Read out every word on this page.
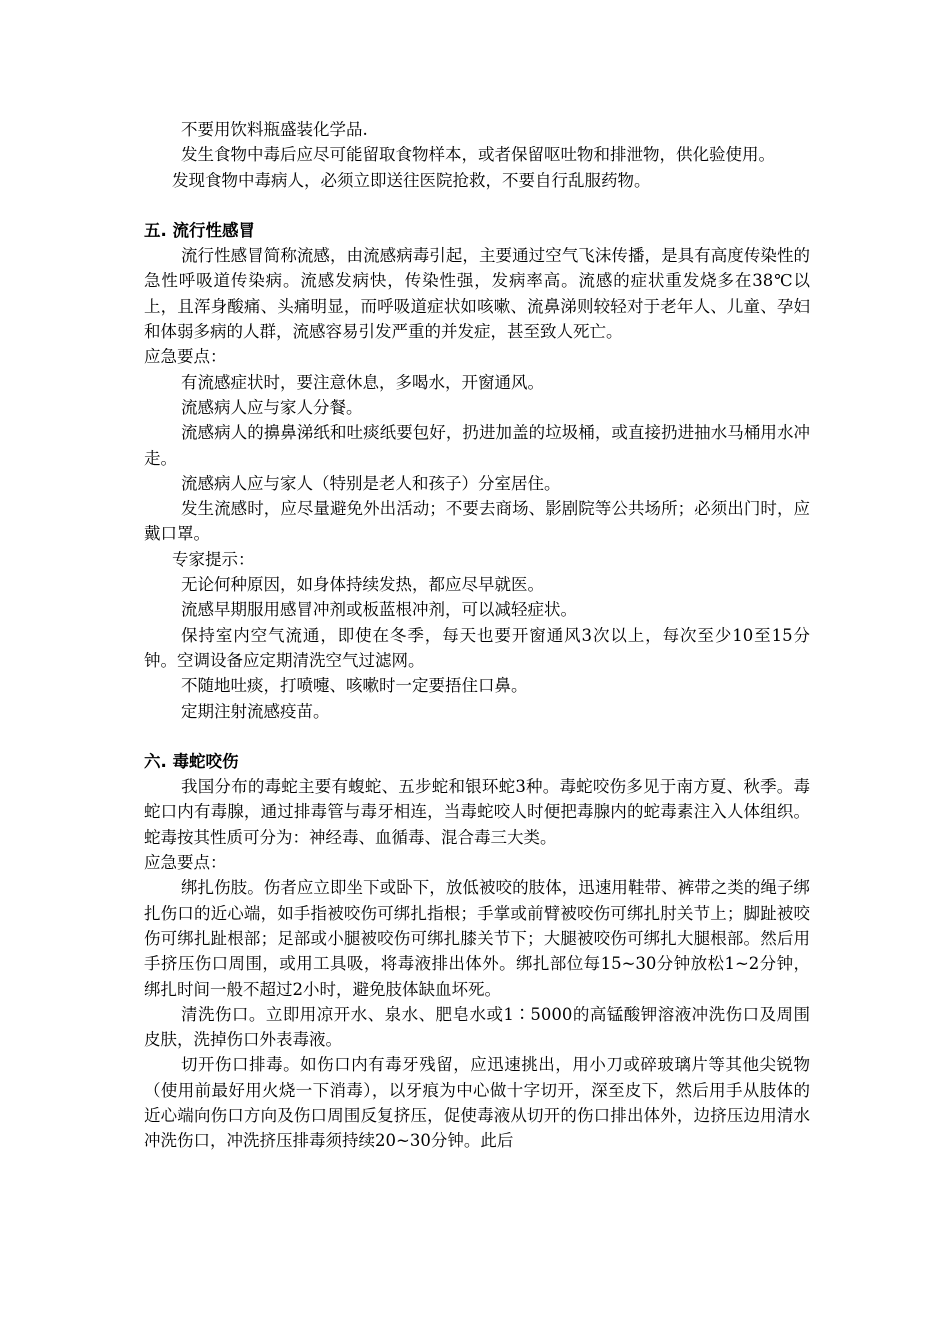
不要用饮料瓶盛装化学品.

发生食物中毒后应尽可能留取食物样本，或者保留呕吐物和排泄物，供化验使用。

发现食物中毒病人，必须立即送往医院抢救，不要自行乱服药物。

五. 流行性感冒

流行性感冒简称流感，由流感病毒引起，主要通过空气飞沫传播，是具有高度传染性的急性呼吸道传染病。流感发病快，传染性强，发病率高。流感的症状重发烧多在38℃以上，且浑身酸痛、头痛明显，而呼吸道症状如咳嗽、流鼻涕则较轻对于老年人、儿童、孕妇和体弱多病的人群，流感容易引发严重的并发症，甚至致人死亡。

应急要点：

有流感症状时，要注意休息，多喝水，开窗通风。

流感病人应与家人分餐。

流感病人的擤鼻涕纸和吐痰纸要包好，扔进加盖的垃圾桶，或直接扔进抽水马桶用水冲走。

流感病人应与家人（特别是老人和孩子）分室居住。

发生流感时，应尽量避免外出活动；不要去商场、影剧院等公共场所；必须出门时，应戴口罩。

专家提示：

无论何种原因，如身体持续发热，都应尽早就医。

流感早期服用感冒冲剂或板蓝根冲剂，可以减轻症状。

保持室内空气流通，即使在冬季，每天也要开窗通风3次以上，每次至少10至15分钟。空调设备应定期清洗空气过滤网。

不随地吐痰，打喷嚏、咳嗽时一定要捂住口鼻。

定期注射流感疫苗。

六. 毒蛇咬伤

我国分布的毒蛇主要有蝮蛇、五步蛇和银环蛇3种。毒蛇咬伤多见于南方夏、秋季。毒蛇口内有毒腺，通过排毒管与毒牙相连，当毒蛇咬人时便把毒腺内的蛇毒素注入人体组织。蛇毒按其性质可分为：神经毒、血循毒、混合毒三大类。

应急要点：

绑扎伤肢。伤者应立即坐下或卧下，放低被咬的肢体，迅速用鞋带、裤带之类的绳子绑扎伤口的近心端，如手指被咬伤可绑扎指根；手掌或前臂被咬伤可绑扎肘关节上；脚趾被咬伤可绑扎趾根部；足部或小腿被咬伤可绑扎膝关节下；大腿被咬伤可绑扎大腿根部。然后用手挤压伤口周围，或用工具吸，将毒液排出体外。绑扎部位每15~30分钟放松1~2分钟，绑扎时间一般不超过2小时，避免肢体缺血坏死。

清洗伤口。立即用凉开水、泉水、肥皂水或1∶5000的高锰酸钾溶液冲洗伤口及周围皮肤，洗掉伤口外表毒液。

切开伤口排毒。如伤口内有毒牙残留，应迅速挑出，用小刀或碎玻璃片等其他尖锐物（使用前最好用火烧一下消毒），以牙痕为中心做十字切开，深至皮下，然后用手从肢体的近心端向伤口方向及伤口周围反复挤压，促使毒液从切开的伤口排出体外，边挤压边用清水冲洗伤口，冲洗挤压排毒须持续20~30分钟。此后
